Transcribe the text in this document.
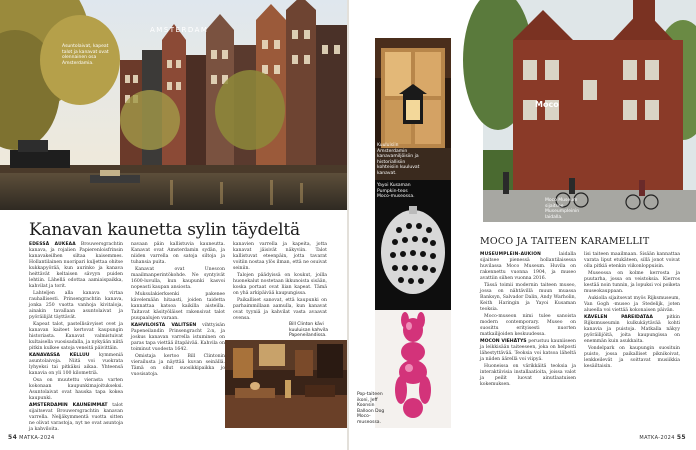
Asuntolaivat, kapeat talot ja kanavat ovat olennainen osa Amsterdamia.
AMSTERDAM
Kanavan kaunetta sylin täydeltä

EDESSÄ AUKEAA Brouwersgrachtin kanava, ja rojalien Papierenloisfrinsin kanavakeilhen siltaa kaisemmes. Hollantilainen nuoripari kuljettaa ohitse kukkapyörää, kun aurinko ja kanava heittävät keltaisen sävyyn puiden lehtiin. Lähellä odottaa aamiaispaikka, kahvilat ja torit.

Lahteljen alla kanava virtaa rauhallisesti. Prinsengrachtin kanava, jonka 250 vuotta vanhoja kivitaloja, ainakin tavallaan asuntolaivat ja pyöräilijät täyttävät.

Kapeat talot, pastellisävyiset ovet ja kanavan kaiteet kertovat kaupungin historiasta. Kanavat valmistuivat kultaisella vuosisadalla, ja nykyään niitä pitkin kulkee satoja veneitä päivittäin.

KANAVASSA KELLUU kymmeniä asuntolaivoja. Niitä voi vuokrata lyhyeksi tai pitkäksi aikaa. Yhteensä kanavia on yli 100 kilometriä.

Osa on muutettu vierasta varten kokonaan kaupunkimajoitukseksi. Asuntolaivat ovat hauska tapa kokea kaupunki.

AMSTERDAMIN KAUNEIMMAT talot sijaitsevat Brouwersgrachtin kanavan varrella. Neljäkymmentä vuotta sitten ne olivat varastoja, nyt ne ovat asuntoja ja kahviloita.

navaan päin kallistuvia kauneutta. Kanavat ovat Amsterdamin sydän, ja niiden varrella on satoja siltoja ja tuhansia puita.

Kanavat ovat Unescon maailmanperintökohde. Ne syntyivät 1600-luvulla, kun kaupunki kasvoi nopeasti kaupan ansiosta.

Muksulakierksenki pakenee kävelemään hitaasti, joiden taidetta kannattaa katsoa kaikilla aisteilla. Taitavat käsityöläiset rakensivat talot puupaalujen varaan.

KAHVILOISTA VALITSEN vihttyisän Papeneilandin Prinsengracht 2:n, ja joskus kanavan varrella istuminen on paras tapa viettää iltapäivää. Kahvila on toiminut vuodesta 1642.

Omistaja kertoo Bill Clintonin vierailusta ja näyttää kuvan seinällä. Tämä on ollut suosikkipaikka jo vuosisatoja.

kanavien varrella ja kapeita, jotta kanavat jäisivät näkyviin. Talot kallistuvat eteenpäin, jotta tavarat voitiin nostaa ylös ilman, että ne osuivat seiniin.

Talojen päädyissä on koukut, joilla huonekalut nostetaan ikkunoista sisään, koska portaat ovat liian kapeat. Tämä on yhä arkipäivää kaupungissa.

Paikalliset sanovat, että kaupunki on parhaimmillaan aamulla, kun kanavat ovat tyyniä ja kahvilat vasta avaavat ovensa.

Bill Clinton kävi kuuluisan kahvila Papeneilandissa.
54 MATKA-2024
Kuuluisiin Amsterdamin kanavamiljöisiin ja historiallisiin kohteisiin kuuluvat kanavat.
Yayoi Kusaman Pumpkin-teos Moco-museossa.
Pop-taiteen ikoni, Jeff Koonsin Balloon Dog Moco-museossa.
Moco
Moco Museum sijaitsee Museumpleinin laidalla.
MOCO JA TAITEEN KARAMELLIT

MUSEUMPLEIN-AUKION laidalla sijaitsee pienessä hollantilaisessa huvilassa Moco Museum. Huvila on rakennettu vuonna 1904, ja museo avattiin siihen vuonna 2016.

Tässä toimii modernin taiteen museo, jossa on nähtävillä muun muassa Banksyn, Salvador Dalin, Andy Warholin, Keith Haringin ja Yayoi Kusaman teoksia.

Moco-museon nimi tulee sanoista modern contemporary. Museo on suosittu erityisesti nuorten matkailijoiden keskuudessa.

MOCON VIEHÄTYS perustuu kauniiseen ja leikkisään taiteeseen, joka on helposti lähestyttävää. Teoksia voi katsoa läheltä ja niiden äärellä voi viipyä.

Huoneissa on värikkäitä teoksia ja interaktiivisia installaatioita, joissa valot ja peilit luovat ainutlaatuisen kokemuksen.

lisi taiteen maailmaan. Sisään kannattaa varata liput etukäteen, sillä jonot voivat olla pitkiä etenkin viikonloppuisin.

Museossa on kolme kerrosta ja puutarha, jossa on veistoksia. Kierros kestää noin tunnin, ja lopuksi voi poiketa museokauppaan.

Aukiolla sijaitsevat myös Rijksmuseum, Van Gogh -museo ja Stedelijk, joten alueella voi viettää kokonaisen päivän.

KÄVELEN PAREIDATAA pitkin Rijksmuseumin kulkukäytävää kohti kanavia ja puistoja. Matkalla näkyy pyöräilijöitä, joita kaupungissa on enemmän kuin asukkaita.

Vondelpark on kaupungin suosituin puisto, jossa paikalliset piknikoivat, lenkkeilevät ja soittavat musiikkia kesäiltaisin.

MATKA-2024 55
